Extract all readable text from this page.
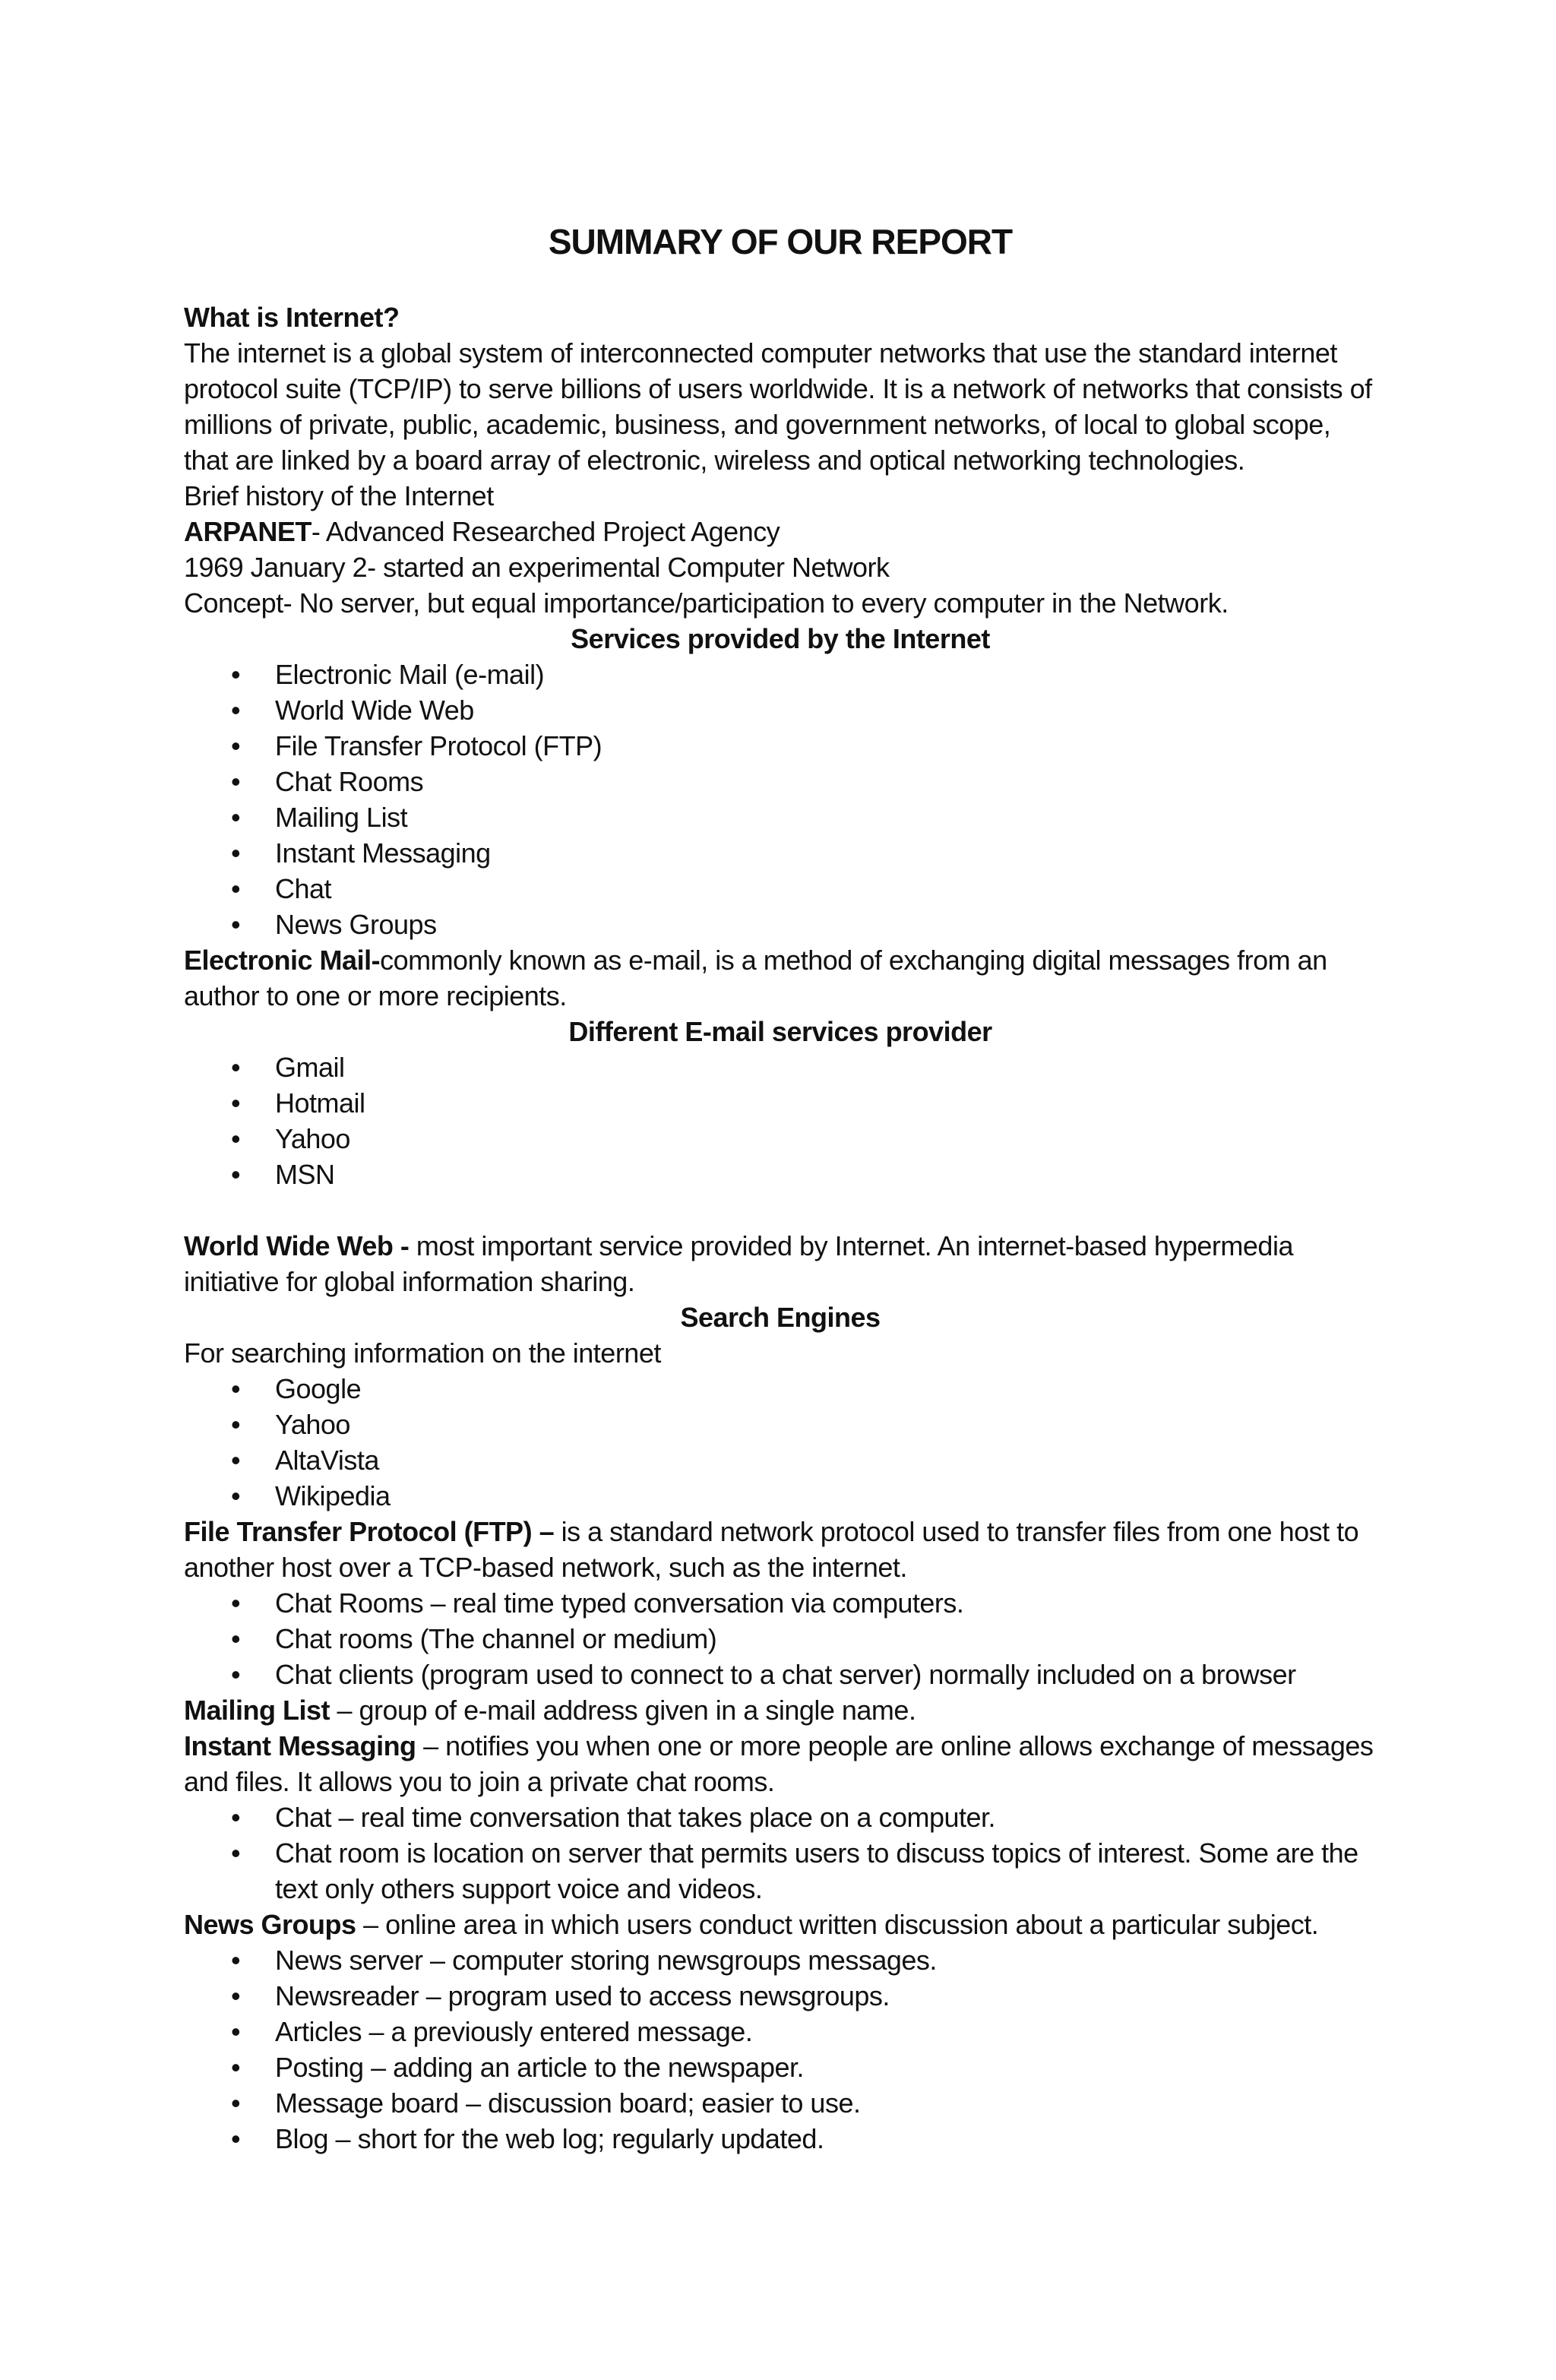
SUMMARY OF OUR REPORT

What is Internet?

The internet is a global system of interconnected computer networks that use the standard internet protocol suite (TCP/IP) to serve billions of users worldwide. It is a network of networks that consists of millions of private, public, academic, business, and government networks, of local to global scope, that are linked by a board array of electronic, wireless and optical networking technologies.

Brief history of the Internet

ARPANET- Advanced Researched Project Agency

1969 January 2- started an experimental Computer Network

Concept- No server, but equal importance/participation to every computer in the Network.

Services provided by the Internet

• Electronic Mail (e-mail)
• World Wide Web
• File Transfer Protocol (FTP)
• Chat Rooms
• Mailing List
• Instant Messaging
• Chat
• News Groups

Electronic Mail-commonly known as e-mail, is a method of exchanging digital messages from an author to one or more recipients.

Different E-mail services provider

• Gmail
• Hotmail
• Yahoo
• MSN

World Wide Web - most important service provided by Internet. An internet-based hypermedia initiative for global information sharing.

Search Engines

For searching information on the internet

• Google
• Yahoo
• AltaVista
• Wikipedia

File Transfer Protocol (FTP) – is a standard network protocol used to transfer files from one host to another host over a TCP-based network, such as the internet.

• Chat Rooms – real time typed conversation via computers.
• Chat rooms (The channel or medium)
• Chat clients (program used to connect to a chat server) normally included on a browser

Mailing List – group of e-mail address given in a single name.

Instant Messaging – notifies you when one or more people are online allows exchange of messages and files. It allows you to join a private chat rooms.

• Chat – real time conversation that takes place on a computer.
• Chat room is location on server that permits users to discuss topics of interest. Some are the text only others support voice and videos.

News Groups – online area in which users conduct written discussion about a particular subject.

• News server – computer storing newsgroups messages.
• Newsreader – program used to access newsgroups.
• Articles – a previously entered message.
• Posting – adding an article to the newspaper.
• Message board – discussion board; easier to use.
• Blog – short for the web log; regularly updated.
